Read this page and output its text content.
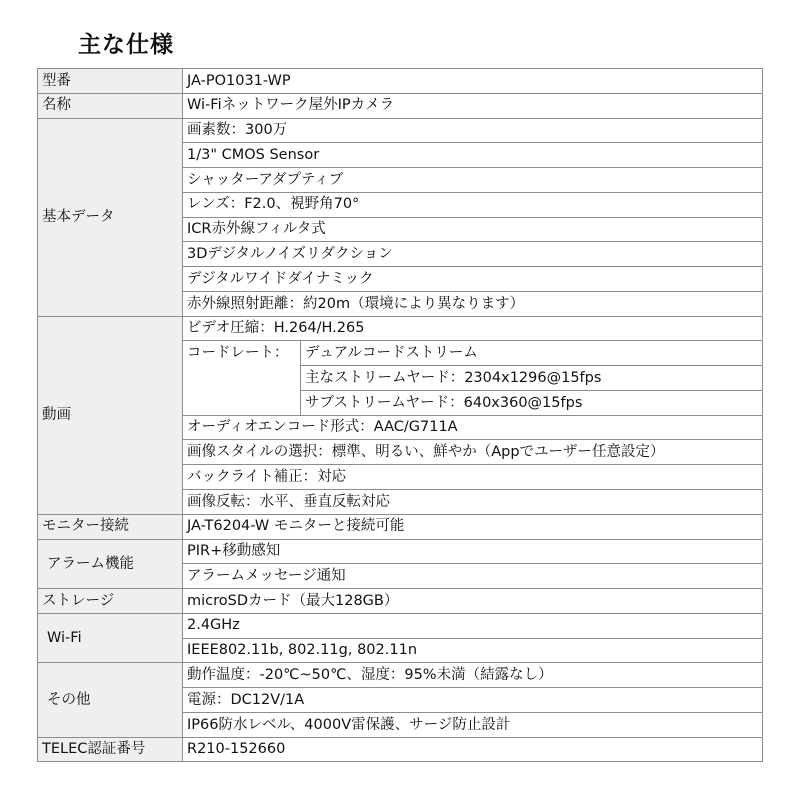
主な仕様
型番	JA-PO1031-WP	
名称	Wi-Fiネットワーク屋外IPカメラ	
基本データ	画素数：300万	
	1/3" CMOS Sensor	
	シャッターアダプティブ	
	レンズ：F2.0、視野角70°	
	ICR赤外線フィルタ式	
	3Dデジタルノイズリダクション	
	デジタルワイドダイナミック	
	赤外線照射距離：約20m（環境により異なります）	
動画	ビデオ圧縮：H.264/H.265	
	コードレート：	デュアルコードストリーム
		主なストリームヤード：2304x1296@15fps
		サブストリームヤード：640x360@15fps
	オーディオエンコード形式：AAC/G711A	
	画像スタイルの選択：標準、明るい、鮮やか（Appでユーザー任意設定）	
	バックライト補正：対応	
	画像反転：水平、垂直反転対応	
モニター接続	JA-T6204-W モニターと接続可能	
アラーム機能	PIR+移動感知	
	アラームメッセージ通知	
ストレージ	microSDカード（最大128GB）	
Wi-Fi	2.4GHz	
	IEEE802.11b, 802.11g, 802.11n	
その他	動作温度：-20℃~50℃、湿度：95%未満（結露なし）	
	電源：DC12V/1A	
	IP66防水レベル、4000V雷保護、サージ防止設計	
TELEC認証番号	R210-152660	
